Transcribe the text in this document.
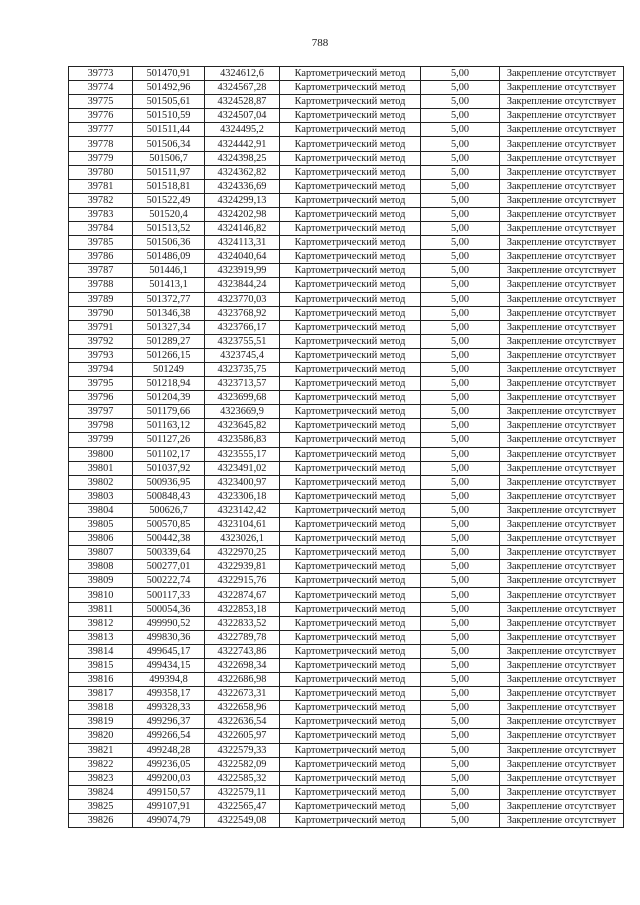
788
39773	501470,91	4324612,6	Картометрический метод	5,00	Закрепление отсутствует
39774	501492,96	4324567,28	Картометрический метод	5,00	Закрепление отсутствует
39775	501505,61	4324528,87	Картометрический метод	5,00	Закрепление отсутствует
39776	501510,59	4324507,04	Картометрический метод	5,00	Закрепление отсутствует
39777	501511,44	4324495,2	Картометрический метод	5,00	Закрепление отсутствует
39778	501506,34	4324442,91	Картометрический метод	5,00	Закрепление отсутствует
39779	501506,7	4324398,25	Картометрический метод	5,00	Закрепление отсутствует
39780	501511,97	4324362,82	Картометрический метод	5,00	Закрепление отсутствует
39781	501518,81	4324336,69	Картометрический метод	5,00	Закрепление отсутствует
39782	501522,49	4324299,13	Картометрический метод	5,00	Закрепление отсутствует
39783	501520,4	4324202,98	Картометрический метод	5,00	Закрепление отсутствует
39784	501513,52	4324146,82	Картометрический метод	5,00	Закрепление отсутствует
39785	501506,36	4324113,31	Картометрический метод	5,00	Закрепление отсутствует
39786	501486,09	4324040,64	Картометрический метод	5,00	Закрепление отсутствует
39787	501446,1	4323919,99	Картометрический метод	5,00	Закрепление отсутствует
39788	501413,1	4323844,24	Картометрический метод	5,00	Закрепление отсутствует
39789	501372,77	4323770,03	Картометрический метод	5,00	Закрепление отсутствует
39790	501346,38	4323768,92	Картометрический метод	5,00	Закрепление отсутствует
39791	501327,34	4323766,17	Картометрический метод	5,00	Закрепление отсутствует
39792	501289,27	4323755,51	Картометрический метод	5,00	Закрепление отсутствует
39793	501266,15	4323745,4	Картометрический метод	5,00	Закрепление отсутствует
39794	501249	4323735,75	Картометрический метод	5,00	Закрепление отсутствует
39795	501218,94	4323713,57	Картометрический метод	5,00	Закрепление отсутствует
39796	501204,39	4323699,68	Картометрический метод	5,00	Закрепление отсутствует
39797	501179,66	4323669,9	Картометрический метод	5,00	Закрепление отсутствует
39798	501163,12	4323645,82	Картометрический метод	5,00	Закрепление отсутствует
39799	501127,26	4323586,83	Картометрический метод	5,00	Закрепление отсутствует
39800	501102,17	4323555,17	Картометрический метод	5,00	Закрепление отсутствует
39801	501037,92	4323491,02	Картометрический метод	5,00	Закрепление отсутствует
39802	500936,95	4323400,97	Картометрический метод	5,00	Закрепление отсутствует
39803	500848,43	4323306,18	Картометрический метод	5,00	Закрепление отсутствует
39804	500626,7	4323142,42	Картометрический метод	5,00	Закрепление отсутствует
39805	500570,85	4323104,61	Картометрический метод	5,00	Закрепление отсутствует
39806	500442,38	4323026,1	Картометрический метод	5,00	Закрепление отсутствует
39807	500339,64	4322970,25	Картометрический метод	5,00	Закрепление отсутствует
39808	500277,01	4322939,81	Картометрический метод	5,00	Закрепление отсутствует
39809	500222,74	4322915,76	Картометрический метод	5,00	Закрепление отсутствует
39810	500117,33	4322874,67	Картометрический метод	5,00	Закрепление отсутствует
39811	500054,36	4322853,18	Картометрический метод	5,00	Закрепление отсутствует
39812	499990,52	4322833,52	Картометрический метод	5,00	Закрепление отсутствует
39813	499830,36	4322789,78	Картометрический метод	5,00	Закрепление отсутствует
39814	499645,17	4322743,86	Картометрический метод	5,00	Закрепление отсутствует
39815	499434,15	4322698,34	Картометрический метод	5,00	Закрепление отсутствует
39816	499394,8	4322686,98	Картометрический метод	5,00	Закрепление отсутствует
39817	499358,17	4322673,31	Картометрический метод	5,00	Закрепление отсутствует
39818	499328,33	4322658,96	Картометрический метод	5,00	Закрепление отсутствует
39819	499296,37	4322636,54	Картометрический метод	5,00	Закрепление отсутствует
39820	499266,54	4322605,97	Картометрический метод	5,00	Закрепление отсутствует
39821	499248,28	4322579,33	Картометрический метод	5,00	Закрепление отсутствует
39822	499236,05	4322582,09	Картометрический метод	5,00	Закрепление отсутствует
39823	499200,03	4322585,32	Картометрический метод	5,00	Закрепление отсутствует
39824	499150,57	4322579,11	Картометрический метод	5,00	Закрепление отсутствует
39825	499107,91	4322565,47	Картометрический метод	5,00	Закрепление отсутствует
39826	499074,79	4322549,08	Картометрический метод	5,00	Закрепление отсутствует
